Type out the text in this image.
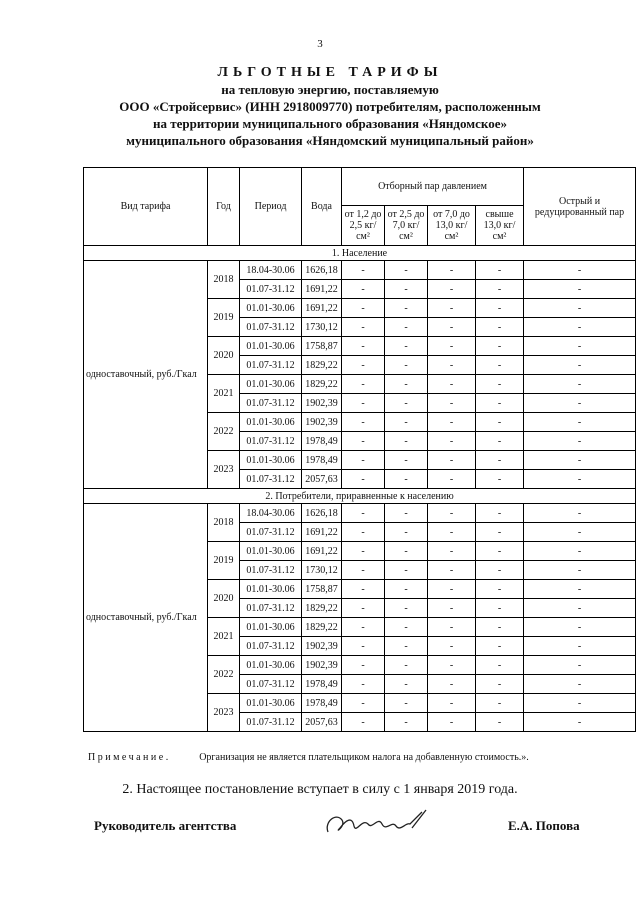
3
ЛЬГОТНЫЕ ТАРИФЫ
на тепловую энергию, поставляемую
ООО «Стройсервис» (ИНН 2918009770) потребителям, расположенным
на территории муниципального образования «Няндомское»
муниципального образования «Няндомский муниципальный район»
Вид тарифа	Год	Период	Вода	Отборный пар давлением				Острый и редуцированный пар
				от 1,2 до 2,5 кг/см²	от 2,5 до 7,0 кг/см²	от 7,0 до 13,0 кг/см²	свыше 13,0 кг/см²	
1. Население								
одноставочный, руб./Гкал	2018	18.04-30.06	1626,18	-	-	-	-	-
		01.07-31.12	1691,22	-	-	-	-	-
	2019	01.01-30.06	1691,22	-	-	-	-	-
		01.07-31.12	1730,12	-	-	-	-	-
	2020	01.01-30.06	1758,87	-	-	-	-	-
		01.07-31.12	1829,22	-	-	-	-	-
	2021	01.01-30.06	1829,22	-	-	-	-	-
		01.07-31.12	1902,39	-	-	-	-	-
	2022	01.01-30.06	1902,39	-	-	-	-	-
		01.07-31.12	1978,49	-	-	-	-	-
	2023	01.01-30.06	1978,49	-	-	-	-	-
		01.07-31.12	2057,63	-	-	-	-	-
2. Потребители, приравненные к населению								
одноставочный, руб./Гкал	2018	18.04-30.06	1626,18	-	-	-	-	-
		01.07-31.12	1691,22	-	-	-	-	-
	2019	01.01-30.06	1691,22	-	-	-	-	-
		01.07-31.12	1730,12	-	-	-	-	-
	2020	01.01-30.06	1758,87	-	-	-	-	-
		01.07-31.12	1829,22	-	-	-	-	-
	2021	01.01-30.06	1829,22	-	-	-	-	-
		01.07-31.12	1902,39	-	-	-	-	-
	2022	01.01-30.06	1902,39	-	-	-	-	-
		01.07-31.12	1978,49	-	-	-	-	-
	2023	01.01-30.06	1978,49	-	-	-	-	-
		01.07-31.12	2057,63	-	-	-	-	-
Примечание.	Организация не является плательщиком налога на добавленную стоимость.».
2. Настоящее постановление вступает в силу с 1 января 2019 года.
Руководитель агентства	Е.А. Попова
